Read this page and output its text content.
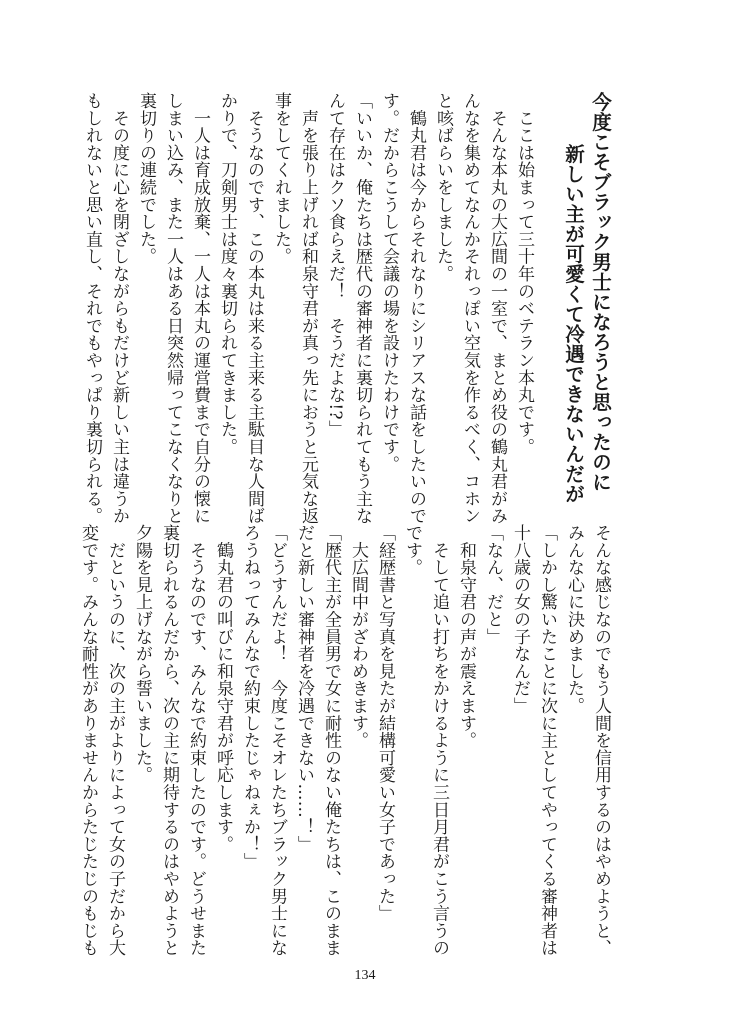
今度こそブラック男士になろうと思ったのに
新しい主が可愛くて冷遇できないんだが
　ここは始まって三十年のベテラン本丸です。
　そんな本丸の大広間の一室で、まとめ役の鶴丸君がみ
んなを集めてなんかそれっぽい空気を作るべく、コホン
と咳ばらいをしました。
　鶴丸君は今からそれなりにシリアスな話をしたいので
す。だからこうして会議の場を設けたわけです。
「いいか、俺たちは歴代の審神者に裏切られてもう主な
んて存在はクソ食らえだ！　そうだよな!?」
　声を張り上げれば和泉守君が真っ先におうと元気な返
事をしてくれました。
　そうなのです、この本丸は来る主来る主駄目な人間ば
かりで、刀剣男士は度々裏切られてきました。
　一人は育成放棄、一人は本丸の運営費まで自分の懐に
しまい込み、また一人はある日突然帰ってこなくなりと
裏切りの連続でした。
　その度に心を閉ざしながらもだけど新しい主は違うか
もしれないと思い直し、それでもやっぱり裏切られる。
そんな感じなのでもう人間を信用するのはやめようと、
みんな心に決めました。
「しかし驚いたことに次に主としてやってくる審神者は
十八歳の女の子なんだ」
「なん、だと」
　和泉守君の声が震えます。
　そして追い打ちをかけるように三日月君がこう言うの
です。
「経歴書と写真を見たが結構可愛い女子であった」
　大広間中がざわめきます。
「歴代主が全員男で女に耐性のない俺たちは、このまま
だと新しい審神者を冷遇できない……！」
「どうすんだよ！　今度こそオレたちブラック男士にな
ろうねってみんなで約束したじゃねぇか！」
　鶴丸君の叫びに和泉守君が呼応します。
　そうなのです、みんなで約束したのです。どうせまた
裏切られるんだから、次の主に期待するのはやめようと
夕陽を見上げながら誓いました。
　だというのに、次の主がよりによって女の子だから大
変です。みんな耐性がありませんからたじたじのもじも
134
